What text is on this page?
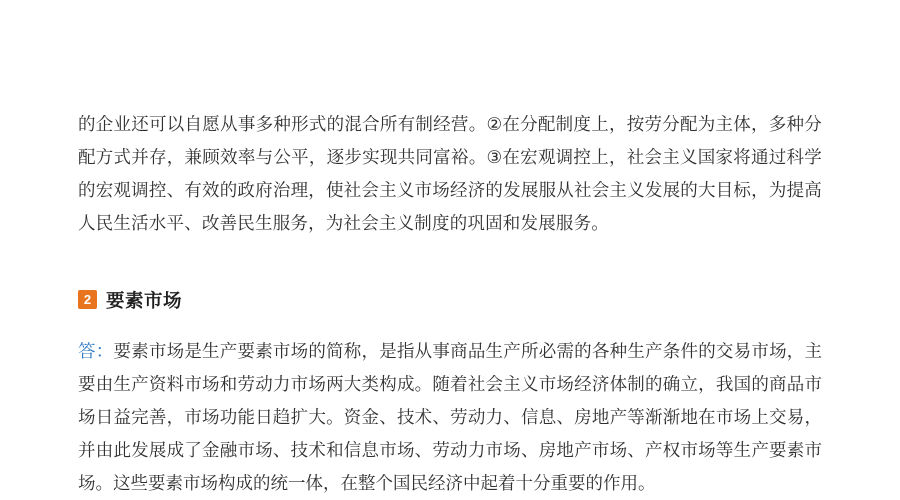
的企业还可以自愿从事多种形式的混合所有制经营。②在分配制度上，按劳分配为主体，多种分配方式并存，兼顾效率与公平，逐步实现共同富裕。③在宏观调控上，社会主义国家将通过科学的宏观调控、有效的政府治理，使社会主义市场经济的发展服从社会主义发展的大目标，为提高人民生活水平、改善民生服务，为社会主义制度的巩固和发展服务。

2 要素市场

答：要素市场是生产要素市场的简称，是指从事商品生产所必需的各种生产条件的交易市场，主要由生产资料市场和劳动力市场两大类构成。随着社会主义市场经济体制的确立，我国的商品市场日益完善，市场功能日趋扩大。资金、技术、劳动力、信息、房地产等渐渐地在市场上交易，并由此发展成了金融市场、技术和信息市场、劳动力市场、房地产市场、产权市场等生产要素市场。这些要素市场构成的统一体，在整个国民经济中起着十分重要的作用。
